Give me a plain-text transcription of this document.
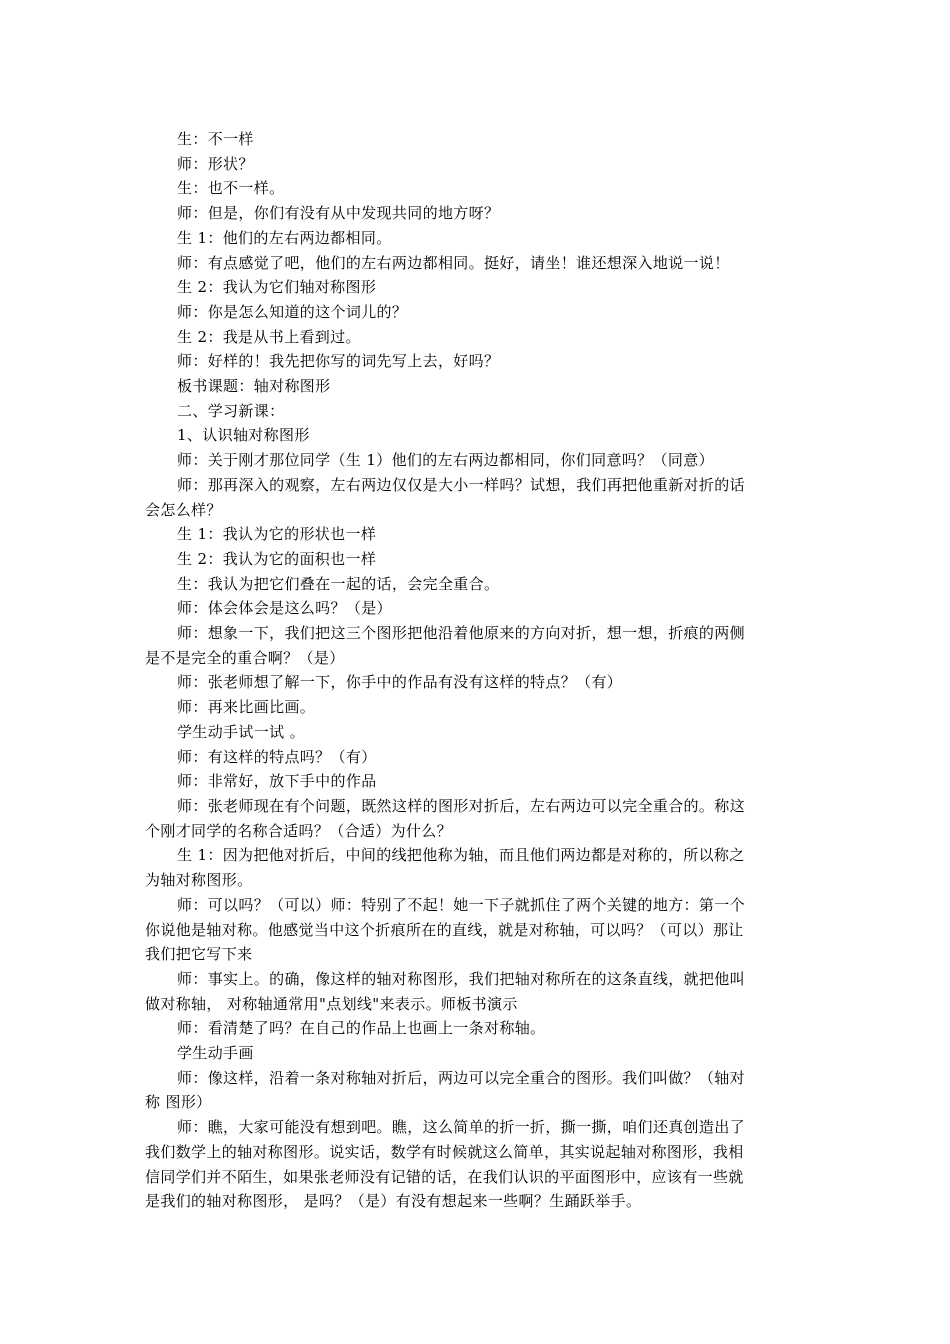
生：不一样

师：形状？

生：也不一样。

师：但是，你们有没有从中发现共同的地方呀？

生 1：他们的左右两边都相同。

师：有点感觉了吧，他们的左右两边都相同。挺好，请坐！谁还想深入地说一说！

生 2：我认为它们轴对称图形

师：你是怎么知道的这个词儿的？

生 2：我是从书上看到过。

师：好样的！我先把你写的词先写上去，好吗？

板书课题：轴对称图形

二、学习新课：

1、认识轴对称图形

师：关于刚才那位同学（生 1）他们的左右两边都相同，你们同意吗？（同意）

师：那再深入的观察，左右两边仅仅是大小一样吗？试想，我们再把他重新对折的话
会怎么样？

生 1：我认为它的形状也一样

生 2：我认为它的面积也一样

生：我认为把它们叠在一起的话，会完全重合。

师：体会体会是这么吗？（是）

师：想象一下，我们把这三个图形把他沿着他原来的方向对折，想一想，折痕的两侧
是不是完全的重合啊？（是）

师：张老师想了解一下，你手中的作品有没有这样的特点？（有）

师：再来比画比画。

学生动手试一试 。

师：有这样的特点吗？（有）

师：非常好，放下手中的作品

师：张老师现在有个问题，既然这样的图形对折后，左右两边可以完全重合的。称这
个刚才同学的名称合适吗？（合适）为什么？

生 1：因为把他对折后，中间的线把他称为轴，而且他们两边都是对称的，所以称之
为轴对称图形。

师：可以吗？（可以）师：特别了不起！她一下子就抓住了两个关键的地方：第一个
你说他是轴对称。他感觉当中这个折痕所在的直线，就是对称轴，可以吗？（可以）那让
我们把它写下来

师：事实上。的确，像这样的轴对称图形，我们把轴对称所在的这条直线，就把他叫
做对称轴， 对称轴通常用"点划线"来表示。师板书演示

师：看清楚了吗？在自己的作品上也画上一条对称轴。

学生动手画

师：像这样，沿着一条对称轴对折后，两边可以完全重合的图形。我们叫做？（轴对
称 图形）

师：瞧，大家可能没有想到吧。瞧，这么简单的折一折，撕一撕，咱们还真创造出了
我们数学上的轴对称图形。说实话，数学有时候就这么简单，其实说起轴对称图形，我相
信同学们并不陌生，如果张老师没有记错的话，在我们认识的平面图形中，应该有一些就
是我们的轴对称图形， 是吗？（是）有没有想起来一些啊？生踊跃举手。
